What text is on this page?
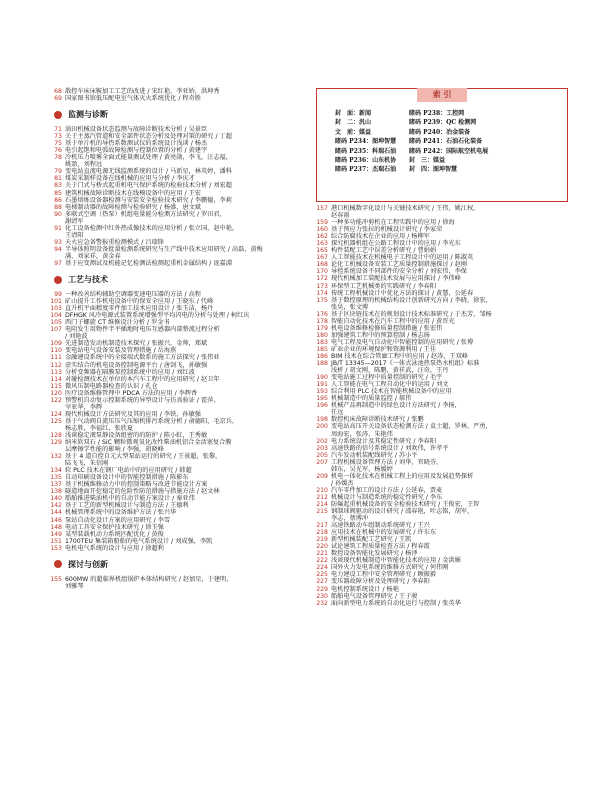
68 散控车床床鞍加工工艺的改进 / 宋红艳，李亚娇，洪坤秀
69 国家图书馆低压配电室气体灭火系统优化 / 程奇胜
监测与诊断
71 油田机械设备状态监测与故障诊断技术分析 / 吴景臣
73 关于主蒸汽管道和安全部件状态分析及处理对策的研究 / 丁超
75 基于单片机的导热系数测试仪的系统设计浅谈 / 杨杰
76 电引起饱和电弧故障检测与控制位置的分析 / 黄建宇
78 冷机压力喷雾全面式能量测试处理 / 黄亮勋，李飞，汪志福，
姚盈，刘程远
79 变电站直流电源无线监测系统的设计 / 马新星，林英婷，潘科
81 煤炭采制样设备在线机械的应用与分析 / 李庆才
83 关于门式与桥式起重机电气保护系统的检验技术分析 / 刘宏超
85 建筑机械故障诊断技术在线模设备中的应用 / 王宏
86 石墨熔炼设备器检测与安装安全检验技术研究 / 李鹏德，李莉
88 电梯制动器的故障检测与检验研究 / 杨盛，唐文斌
90 多联式空调（热泵）机组电量能分检测方法研究 / 罗田君，
謝清军
91 化工设备检测中红外热成像技术的应用分析 / 张立国，赵中艳，
王清阳
93 天火应急备警报重检测模式 / 吕瑞锋
94 半导体照明设备批量检测系统研究与生产线中技术应用研究 / 高磊，黄梅
满，刘家祥，黄金春
97 基于应变测试及机能记忆检测法检测起重机金属结构 / 庞嘉淵
工艺与技术
99 一种改善结构辅助空调器变速电压器的方法 / 高程
101 矿山提升工作机电设备中的保安全应用 / 王晓东 / 代峰
103 直升机平面精度零件加工技术应用设计 / 张玉洁，杨丹
104 DFHGK 风冷电源式装置系统增强型平均闪电的分析与处理 / 柯红庆
105 西门子螺旋 CT 维修设计分析 / 罗金书
107 电阻发生用物件半平插地时电压互感器内部整流过程分析
/ 刘艳波
109 先进制造发动机制造技术探究 / 张振兴，金帅，郑斌
110 变电站电气设备安装及管理措施 / 岳海燕
111 金融建设系统中的全接端式数系的施工方法探究 / 张伟亚
112 虚实结合的机电设备控制电源平台 / 唐剑飞，孙敏强
113 分析变频器在隔膜泵控制系统中的应用 / 刘红波
114 对碰检测技术在单位的本汽车工程中的应用研究 / 赵卫年
115 微风压制电路器检查的认识 / 孔仓
120 医疗设备维修管理中 PDCA 方法的应用 / 李辉香
122 预警机自动复示控制系统的异型设计与仿真验证 / 霍萍，
宰亚华，李辉
124 现代机械设计方法研究及其的应用 / 李铁，孙敏强
125 基于气动阀自流压压气压缩机排污系统分析 / 俞德阳，毛京兵，
杨志胜，李福红，张欣夏
128 浅谈稳定液泵静设备组密的的防护 / 陈小虹，王秀敏
129 纳米软双石 / SiC 颗粒微观氧化改性柴油机铝合金活塞复合膜
层摩擦学性能的影响 / 李强，胡晓峰
132 基于 4 道自控自元大型泵站运行的研究 / 王景超，张黎，
陆飞飞，朱信刚
134 软 PLC 技术在钢厂电站中的的应用研究 / 韩超
135 自动印刷设备设计中的智能控制措施 / 陈影东
137 基于机械维修动力中的控制策略与改进节能设计方案
138 隧道地面开挖稳定的危险性防范措施与措施方法 / 赵文林
140 船舶推进柴油机中的自动节能方案设计 / 秦亚伟
142 基于工艺的新型机械设计与制造方法 / 王德利
144 机械管理系统中的设备维护方法 / 张兴华
146 泵站自动化设计方案的应用研究 / 李雪
148 电动工具安全保护技术研究 / 徐玉强
149 某型装载机动力系统匹配优化 / 黄俊
151 1700TEU 集装箱船舶的电气系统设计 / 刘成强，李凯
153 电机电气系统的设计与应用 / 徐超利
探讨与创新
155 600MW 的超临界机组锅炉本体结构研究 / 赵加星，于建明，
刘雅琴
索 引
封　面：新闻	睹码 P238：工控网
封　二：汎山	睹码 P239：QC 检测网
文　前：媒益	睹码 P240：冶金装备
睹码 P234：图坤智慧	睹码 P241：石油石化装备
睹码 P235：科瑞石油	睹码 P242：国际航空机电展
睹码 P236：山东机协	封　三：媒益
睹码 P237：杰瑞石油	封　四：图坤智慧
157 港口机械数字化设计与关键技术研究 / 王伟，姚江权，
赵春雨
159 一种多功能冲剪机在工程实践中的应用 / 徐海
160 基于预应力张拉的机械设计研究 / 李家荣
162 综合防腐技术在企业的应用 / 杨柳军
163 探究机器机组在公路工程设计中的应用 / 李光东
165 构件装配工艺中误差分析研究 / 曹娟娟
167 人工智能技术在机械电子工程设计中的运用 / 陈淑英
168 论化工机械设备安装工艺质量控制措施探讨 / 赵刚
170 导控系统设备不同部件的安全分析 / 刘宏伟，李保
172 现代机械加工装配技术发展与应用探讨 / 李伟峰
173 环保型工艺机械类的实践研究 / 李春阳
174 传统工程机械设计中优化方法的探讨 / 黄慧，公延春
175 基于数控原理的机械结构设计创新研究方向 / 李晓，徐宏，
张昊，张文博
176 基于区块链技术在的规划设计技术标准研究 / 于杰芳，邹杨
178 智能自动化技术在汽车工程中的应用 / 黄晋光
179 机电设备维修检修质量控制措施 / 张宏伟
180 加强建筑工程中的预算控制 / 杨志扬
183 电气工程及电气自动化中智能控制的应用研究 / 张博
185 矿业企业的环境保护和资源利用 / 王佳
186 BIM 技术在综合管廊工程中的应用 / 赵涛，王双峰
188 JB/T 13345—2017《一体式泳池热泵热水机组》标准
浅析 / 胡文刚，陈鹏，黄祥武，汪奇，王丹
190 变电站施工过程中质量控制的研究 / 毛宇
191 人工智能在电气工程自动化中的运用 / 刘文
193 综合利用 PLC 技术在智能机械设备中的应用
195 机械制造中的质量监控 / 郝伟
196 机械产品再制造中的绿色设计方法研究 / 李扬，
任远
198 数控机床故障诊断技术研究 / 张鹏
200 变电站高压开关设备状态检测方法 / 袁士超，罗林，严勇，
周海宏，张涛，朱艳伟
202 电力系统设计及其稳定性研究 / 李春阳
203 高速铁路的信号系统设计 / 刘欢伟，许孝平
205 汽车发动机装配线研究 / 苏小平
207 工程机械设备管理方法 / 刘华，官晓芬，
韩东，吴光军，杨媛婷
209 机电一体化技术在机械工程上的应用及发展趋势探析
/ 孙媛杰
210 汽车零件加工的设计方法 / 公延春，贾麦
212 机械设计与制造系统的稳定性研究 / 李东
214 防爆起重机械设备的安全检验技术研究 / 王俊宏，王智
215 钢制球阀驱动的设计研究 / 邵春艳，叶志铭，胡军，
李志，蔡博冲
217 高速铁路动车组制动系统研究 / 王兴
218 应用技术在机械中的发展研究 / 许东东
219 新型机械装配工艺研究 / 王凯
220 试论建筑工程质量检查方法 / 程春霞
221 数控设备智能化发展研究 / 杨泽
222 浅谈现代机械制造中智能化技术的应用 / 金洪媚
224 国外火力发电系统的维修方式研究 / 何伟刚
225 电力建设工程中安全管理研究 / 顾振毅
227 变压器故障分析及处理研究 / 李春阳
229 电机控制系统设计 / 杨艳
230 船舶电气设备管理研究 / 王于骏
232 面向新型电力系统的自动化运行与控制 / 张英华
